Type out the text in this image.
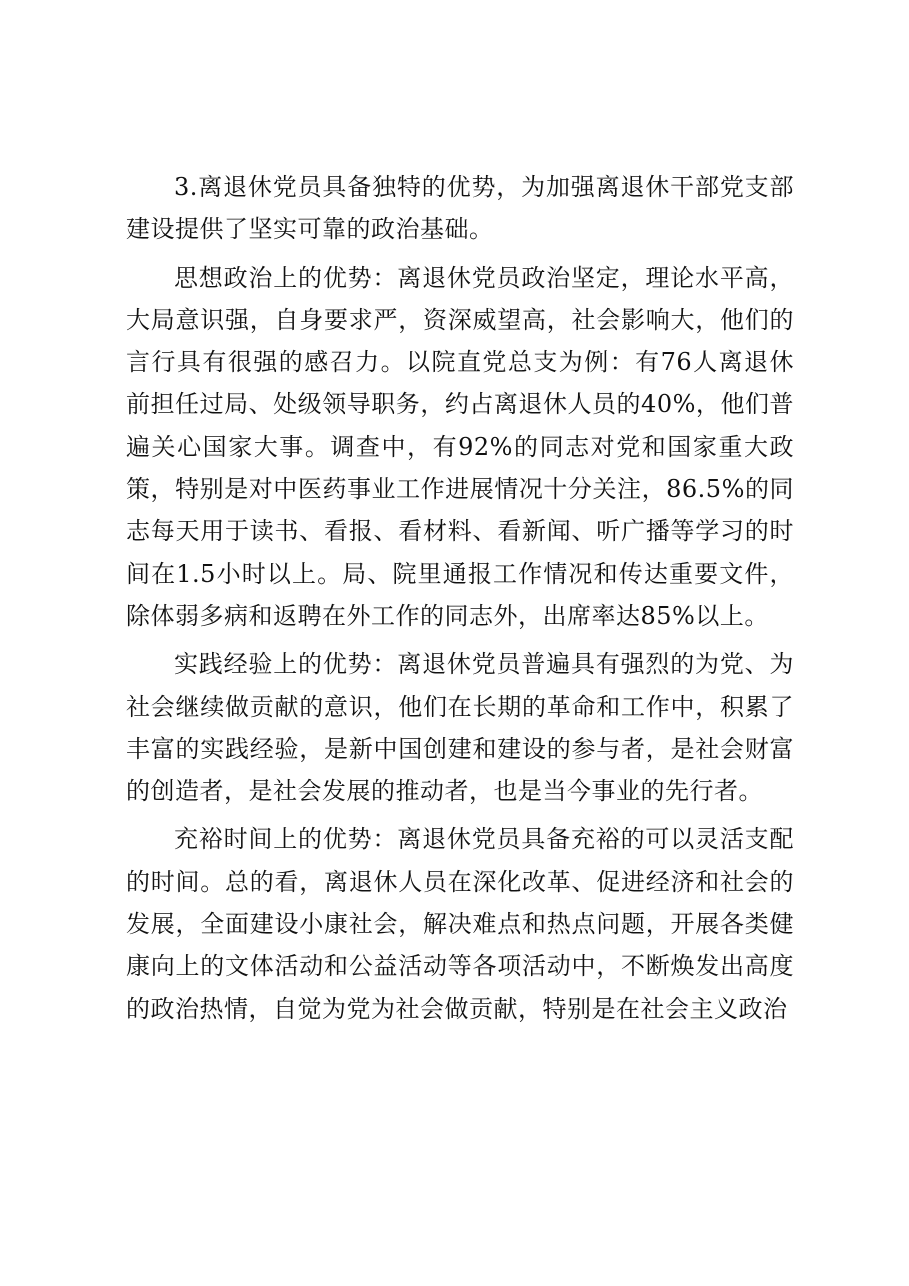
3.离退休党员具备独特的优势，为加强离退休干部党支部建设提供了坚实可靠的政治基础。

思想政治上的优势：离退休党员政治坚定，理论水平高，大局意识强，自身要求严，资深威望高，社会影响大，他们的言行具有很强的感召力。以院直党总支为例：有76人离退休前担任过局、处级领导职务，约占离退休人员的40%，他们普遍关心国家大事。调查中，有92%的同志对党和国家重大政策，特别是对中医药事业工作进展情况十分关注，86.5%的同志每天用于读书、看报、看材料、看新闻、听广播等学习的时间在1.5小时以上。局、院里通报工作情况和传达重要文件，除体弱多病和返聘在外工作的同志外，出席率达85%以上。

实践经验上的优势：离退休党员普遍具有强烈的为党、为社会继续做贡献的意识，他们在长期的革命和工作中，积累了丰富的实践经验，是新中国创建和建设的参与者，是社会财富的创造者，是社会发展的推动者，也是当今事业的先行者。

充裕时间上的优势：离退休党员具备充裕的可以灵活支配的时间。总的看，离退休人员在深化改革、促进经济和社会的发展，全面建设小康社会，解决难点和热点问题，开展各类健康向上的文体活动和公益活动等各项活动中，不断焕发出高度的政治热情，自觉为党为社会做贡献，特别是在社会主义政治
